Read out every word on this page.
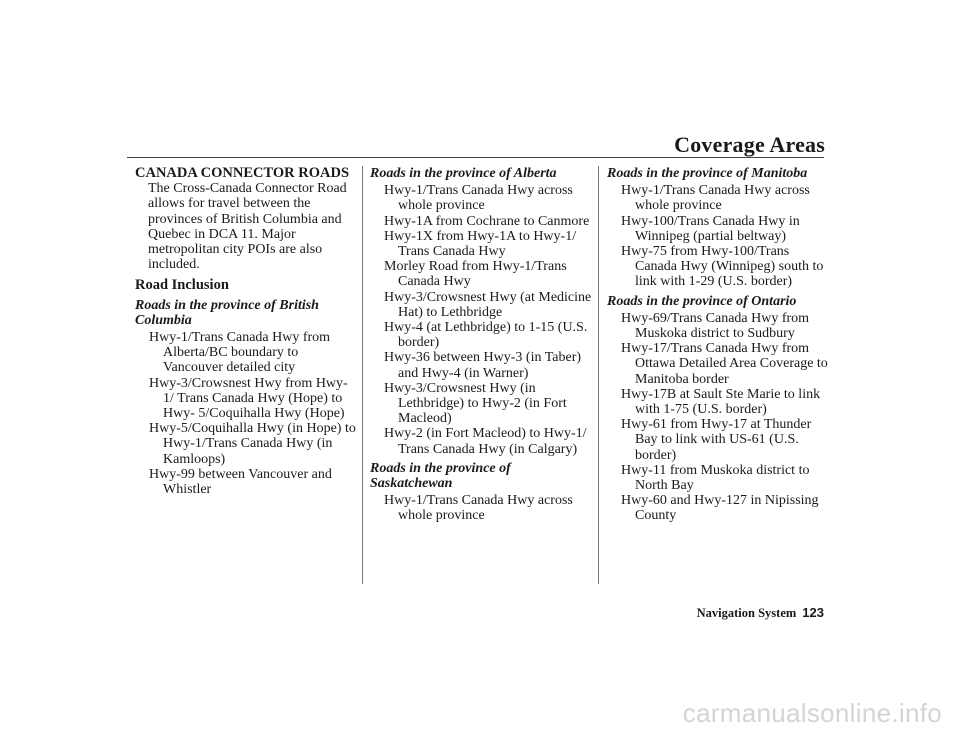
Coverage Areas
CANADA CONNECTOR ROADS
The Cross-Canada Connector Road allows for travel between the provinces of British Columbia and Quebec in DCA 11. Major metropolitan city POIs are also included.
Road Inclusion
Roads in the province of British Columbia
Hwy-1/Trans Canada Hwy from Alberta/BC boundary to Vancouver detailed city
Hwy-3/Crowsnest Hwy from Hwy-1/ Trans Canada Hwy (Hope) to Hwy- 5/Coquihalla Hwy (Hope)
Hwy-5/Coquihalla Hwy (in Hope) to Hwy-1/Trans Canada Hwy (in Kamloops)
Hwy-99 between Vancouver and Whistler
Roads in the province of Alberta
Hwy-1/Trans Canada Hwy across whole province
Hwy-1A from Cochrane to Canmore
Hwy-1X from Hwy-1A to Hwy-1/ Trans Canada Hwy
Morley Road from Hwy-1/Trans Canada Hwy
Hwy-3/Crowsnest Hwy (at Medicine Hat) to Lethbridge
Hwy-4 (at Lethbridge) to 1-15 (U.S. border)
Hwy-36 between Hwy-3 (in Taber) and Hwy-4 (in Warner)
Hwy-3/Crowsnest Hwy (in Lethbridge) to Hwy-2 (in Fort Macleod)
Hwy-2 (in Fort Macleod) to Hwy-1/ Trans Canada Hwy (in Calgary)
Roads in the province of Saskatchewan
Hwy-1/Trans Canada Hwy across whole province
Roads in the province of Manitoba
Hwy-1/Trans Canada Hwy across whole province
Hwy-100/Trans Canada Hwy in Winnipeg (partial beltway)
Hwy-75 from Hwy-100/Trans Canada Hwy (Winnipeg) south to link with 1-29 (U.S. border)
Roads in the province of Ontario
Hwy-69/Trans Canada Hwy from Muskoka district to Sudbury
Hwy-17/Trans Canada Hwy from Ottawa Detailed Area Coverage to Manitoba border
Hwy-17B at Sault Ste Marie to link with 1-75 (U.S. border)
Hwy-61 from Hwy-17 at Thunder Bay to link with US-61 (U.S. border)
Hwy-11 from Muskoka district to North Bay
Hwy-60 and Hwy-127 in Nipissing County
Navigation System 123
carmanualsonline.info
